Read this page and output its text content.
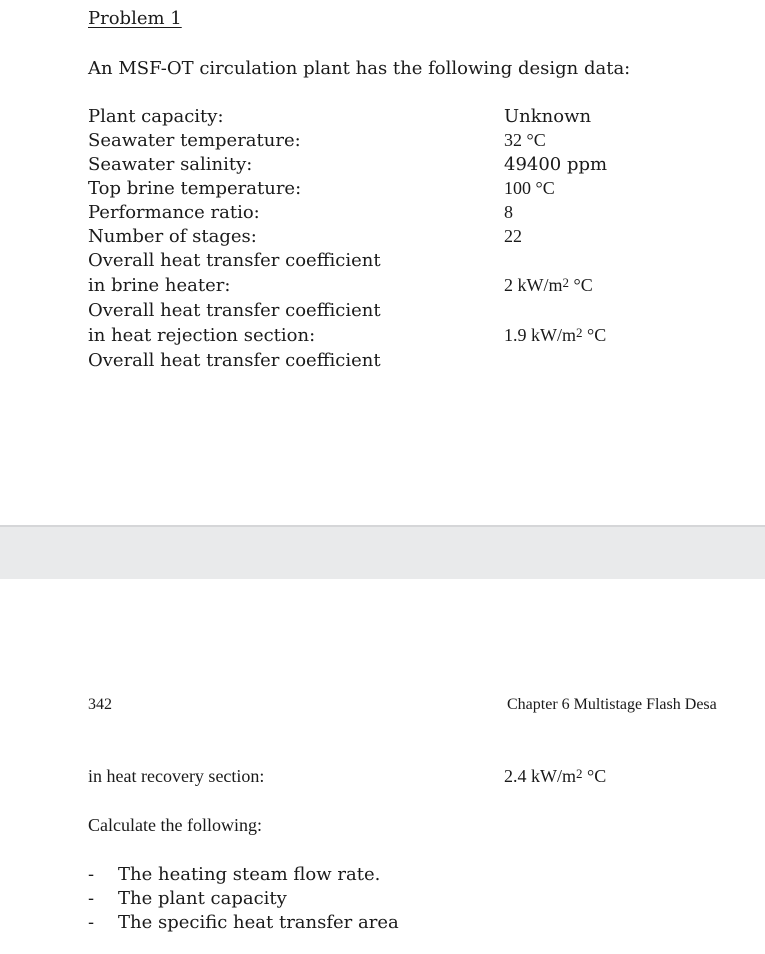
Problem 1
An MSF-OT circulation plant has the following design data:
Plant capacity:
Seawater temperature:
Seawater salinity:
Top brine temperature:
Performance ratio:
Number of stages:
Overall heat transfer coefficient
in brine heater:
Overall heat transfer coefficient
in heat rejection section:
Overall heat transfer coefficient
Unknown
32 °C
49400 ppm
100 °C
8
22
2 $kW/m^2$ °C
1.9 $kW/m^2$ °C
342	Chapter 6 Multistage Flash Desa
in heat recovery section:	2.4 $kW/m^2$ °C
Calculate the following:
- The heating steam flow rate.
- The plant capacity
- The specific heat transfer area
